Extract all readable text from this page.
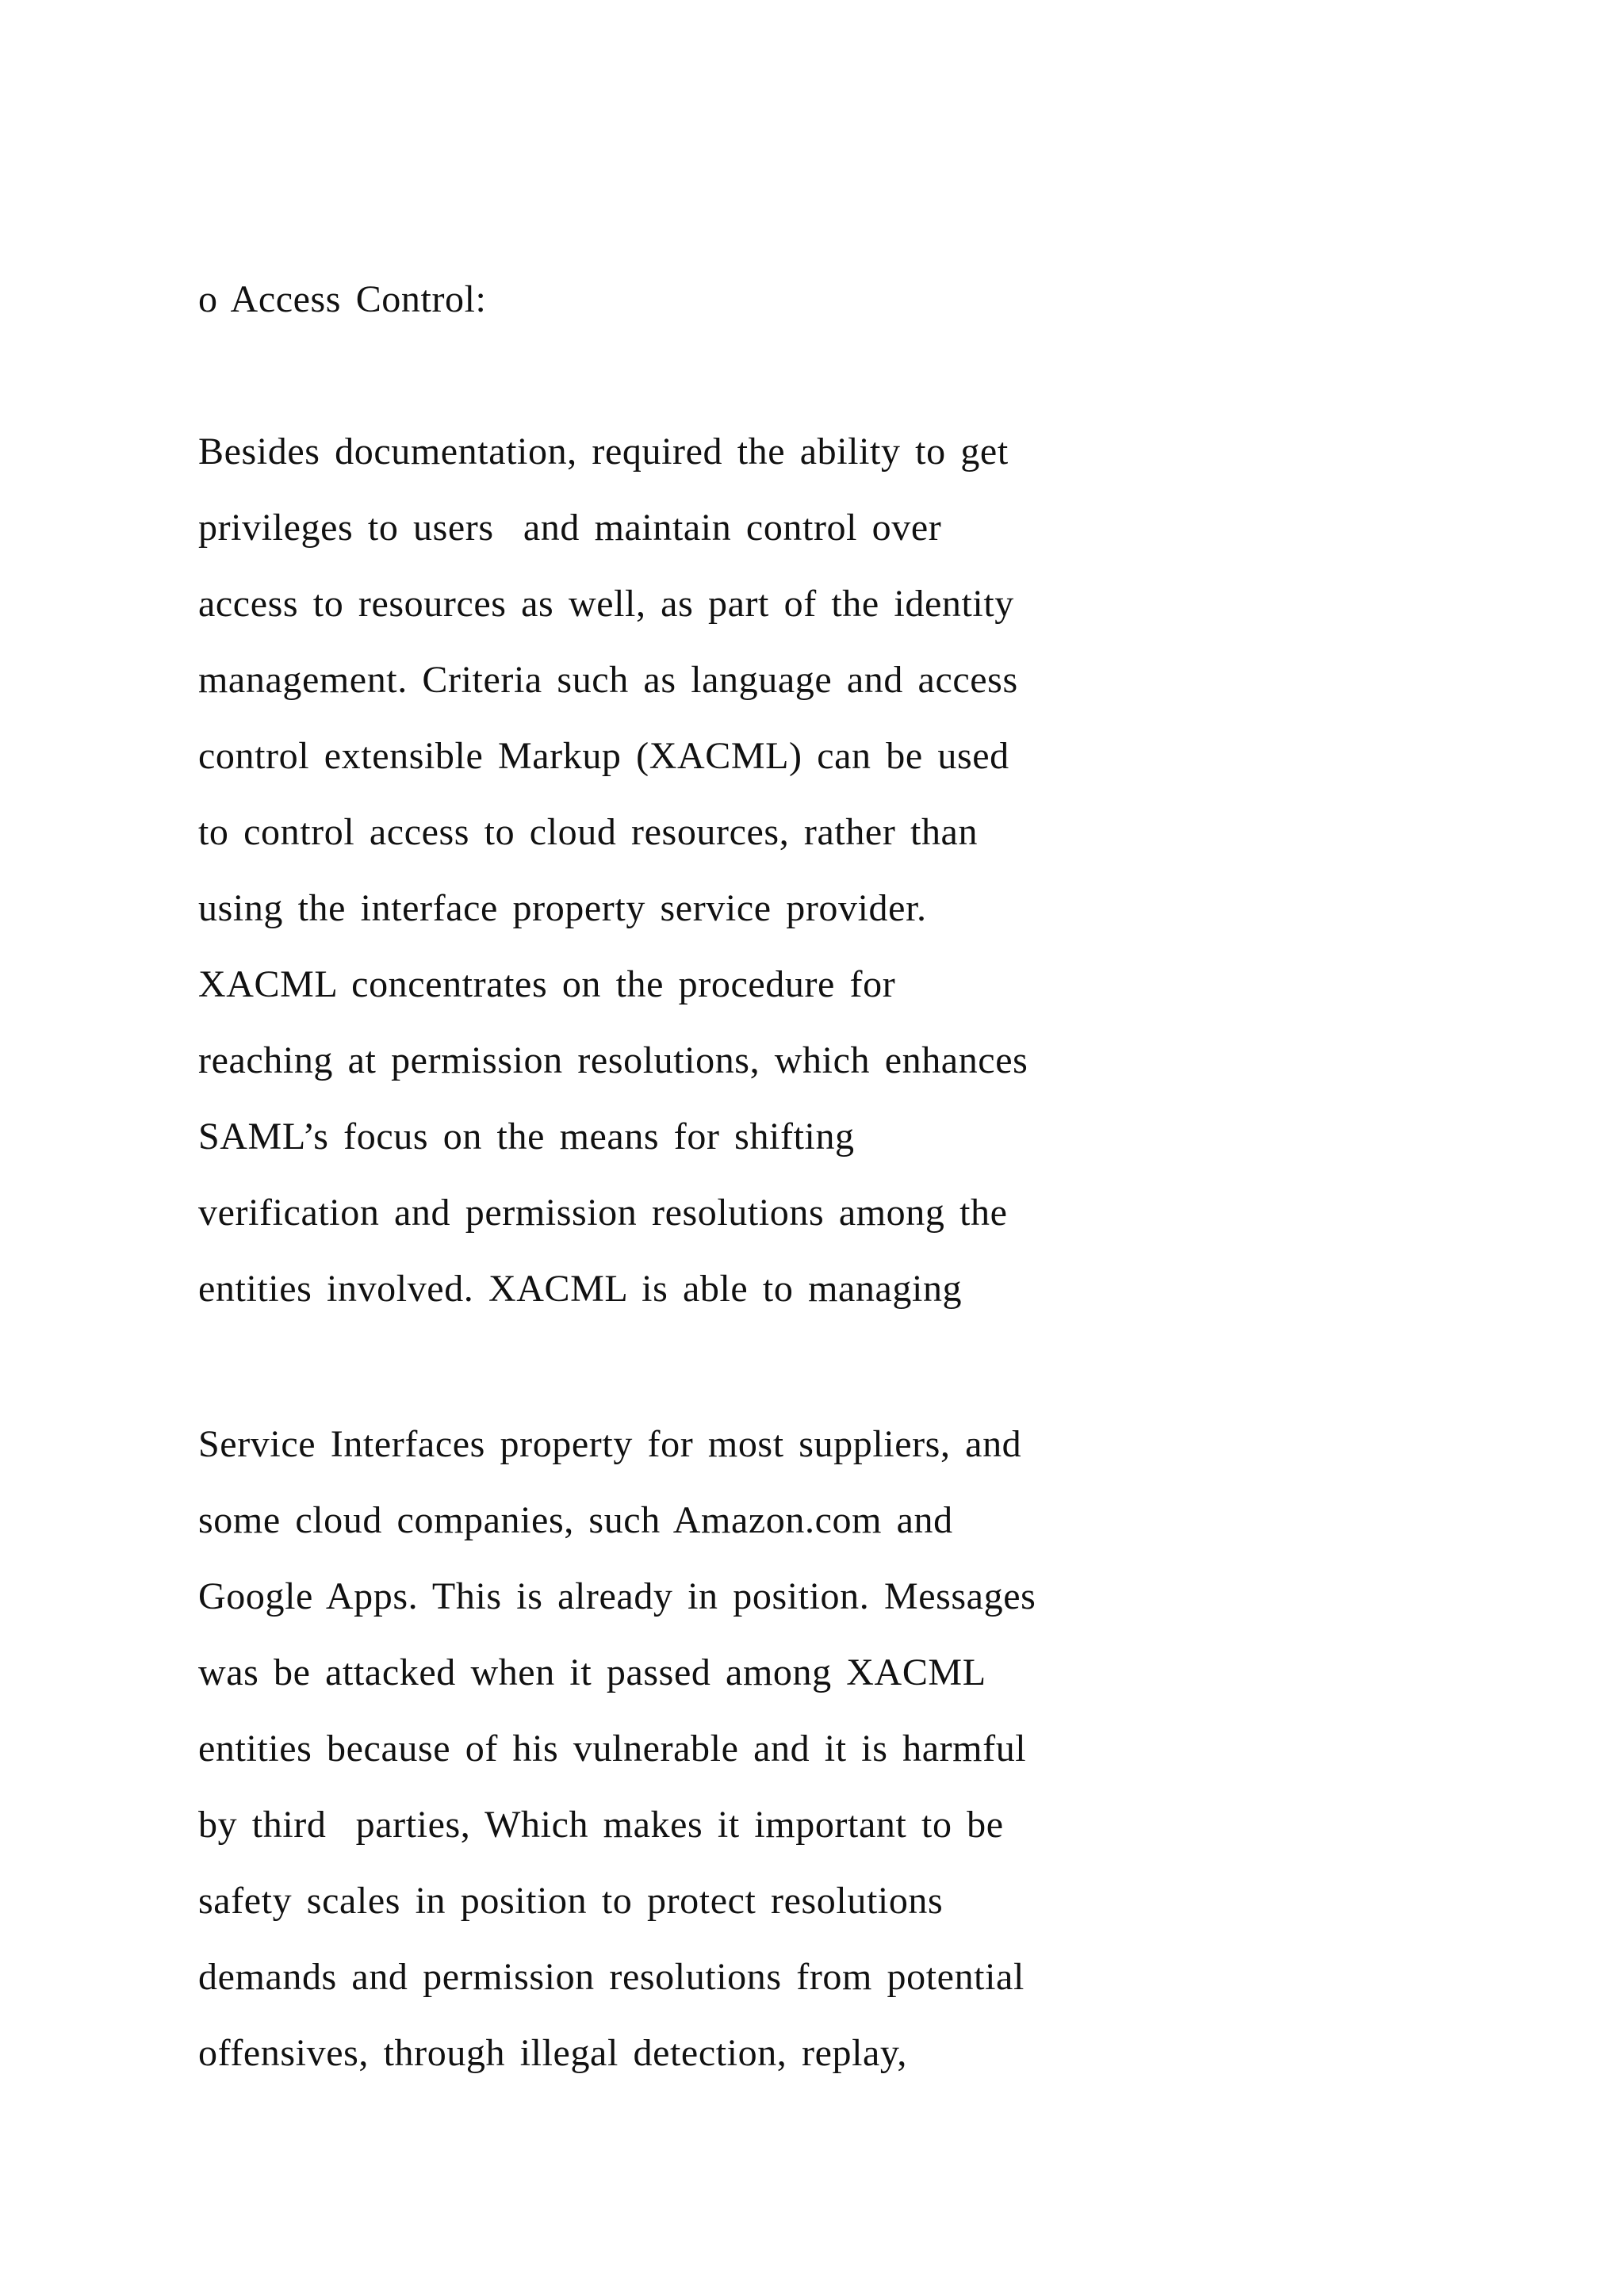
o Access Control:
Besides documentation, required the ability to get
privileges to users  and maintain control over
access to resources as well, as part of the identity
management. Criteria such as language and access
control extensible Markup (XACML) can be used
to control access to cloud resources, rather than
using the interface property service provider.
XACML concentrates on the procedure for
reaching at permission resolutions, which enhances
SAML’s focus on the means for shifting
verification and permission resolutions among the
entities involved. XACML is able to managing
Service Interfaces property for most suppliers, and
some cloud companies, such Amazon.com and
Google Apps. This is already in position. Messages
was be attacked when it passed among XACML
entities because of his vulnerable and it is harmful
by third  parties, Which makes it important to be
safety scales in position to protect resolutions
demands and permission resolutions from potential
offensives, through illegal detection, replay,
